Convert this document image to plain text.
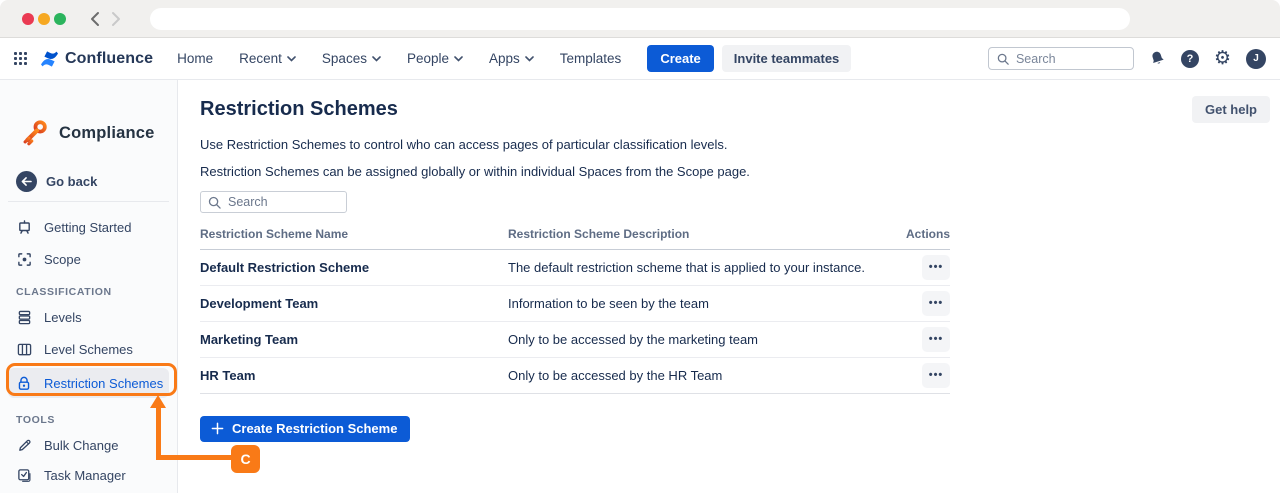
Confluence Home Recent	Spaces	People	Apps	Templates	Create	Invite teammates	Search	? ⚙	J
Compliance
Go back
Getting Started
Scope
CLASSIFICATION
Levels
Level Schemes
Restriction Schemes
TOOLS
Bulk Change
Task Manager
Restriction Schemes	Get help

Use Restriction Schemes to control who can access pages of particular classification levels.

Restriction Schemes can be assigned globally or within individual Spaces from the Scope page.

Search
Restriction Scheme Name	Restriction Scheme Description	Actions
Default Restriction Scheme	The default restriction scheme that is applied to your instance.	•••
Development Team	Information to be seen by the team	•••
Marketing Team	Only to be accessed by the marketing team	•••
HR Team	Only to be accessed by the HR Team	•••
Create Restriction Scheme
C
